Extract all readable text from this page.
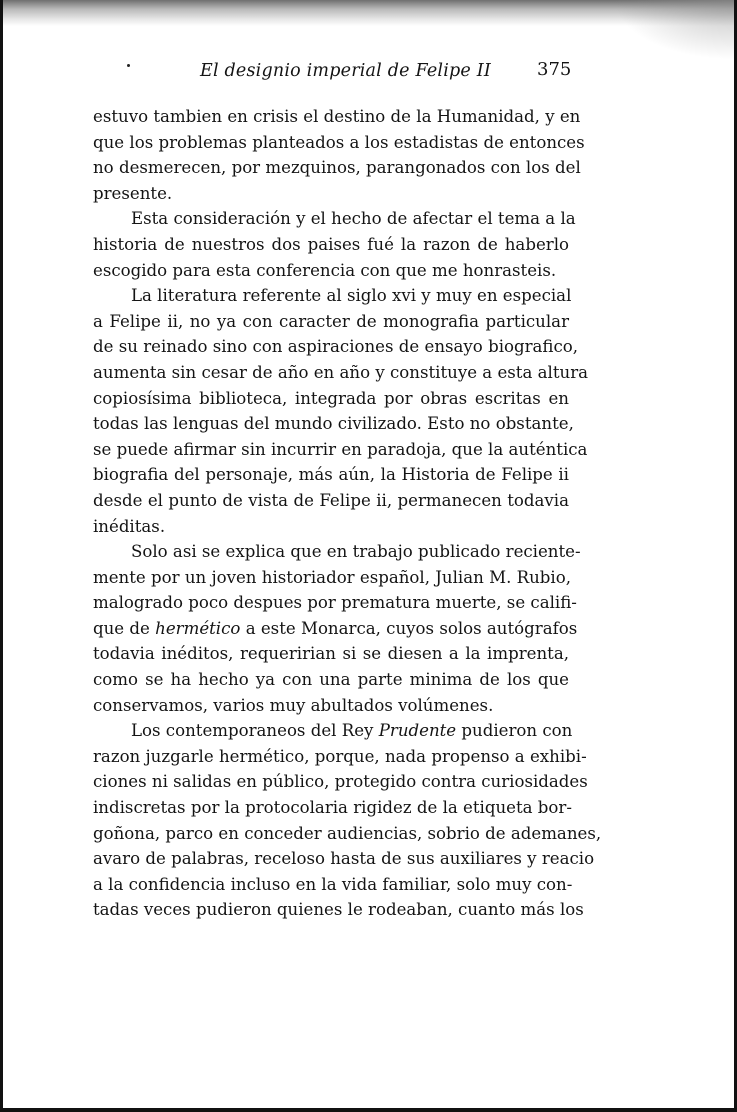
El designio imperial de Felipe II	375
estuvo tambien en crisis el destino de la Humanidad, y en
que los problemas planteados a los estadistas de entonces
no desmerecen, por mezquinos, parangonados con los del
presente.
Esta consideración y el hecho de afectar el tema a la
historia de nuestros dos paises fué la razon de haberlo
escogido para esta conferencia con que me honrasteis.
La literatura referente al siglo xvi y muy en especial
a Felipe ii, no ya con caracter de monografia particular
de su reinado sino con aspiraciones de ensayo biografico,
aumenta sin cesar de año en año y constituye a esta altura
copiosísima biblioteca, integrada por obras escritas en
todas las lenguas del mundo civilizado. Esto no obstante,
se puede afirmar sin incurrir en paradoja, que la auténtica
biografia del personaje, más aún, la Historia de Felipe ii
desde el punto de vista de Felipe ii, permanecen todavia
inéditas.
Solo asi se explica que en trabajo publicado reciente-
mente por un joven historiador español, Julian M. Rubio,
malogrado poco despues por prematura muerte, se califi-
que de hermético a este Monarca, cuyos solos autógrafos
todavia inéditos, requeririan si se diesen a la imprenta,
como se ha hecho ya con una parte minima de los que
conservamos, varios muy abultados volúmenes.
Los contemporaneos del Rey Prudente pudieron con
razon juzgarle hermético, porque, nada propenso a exhibi-
ciones ni salidas en público, protegido contra curiosidades
indiscretas por la protocolaria rigidez de la etiqueta bor-
goñona, parco en conceder audiencias, sobrio de ademanes,
avaro de palabras, receloso hasta de sus auxiliares y reacio
a la confidencia incluso en la vida familiar, solo muy con-
tadas veces pudieron quienes le rodeaban, cuanto más los
